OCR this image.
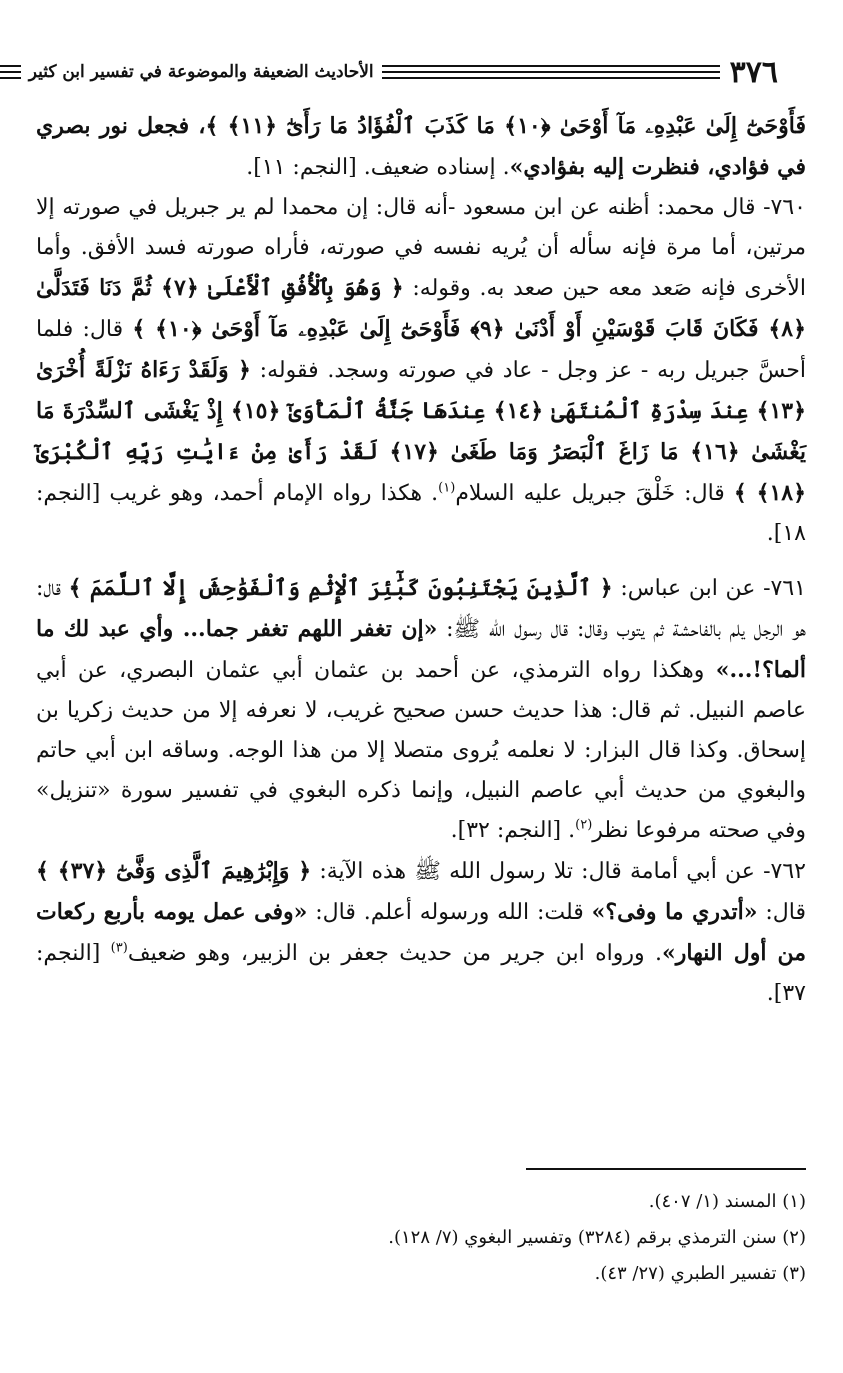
٣٧٦
الأحاديث الضعيفة والموضوعة في تفسير ابن كثير

فَأَوْحَىٰٓ إِلَىٰ عَبْدِهِۦ مَآ أَوْحَىٰ ﴿١٠﴾ مَا كَذَبَ ٱلْفُؤَادُ مَا رَأَىٰٓ ﴿١١﴾ ﴾، فجعل نور بصري في فؤادي، فنظرت إليه بفؤادي». إسناده ضعيف. [النجم: ١١].

٧٦٠- قال محمد: أظنه عن ابن مسعود -أنه قال: إن محمدا لم ير جبريل في صورته إلا مرتين، أما مرة فإنه سأله أن يُريه نفسه في صورته، فأراه صورته فسد الأفق. وأما الأخرى فإنه صَعد معه حين صعد به. وقوله: ﴿ وَهُوَ بِٱلْأُفُقِ ٱلْأَعْلَىٰ ﴿٧﴾ ثُمَّ دَنَا فَتَدَلَّىٰ ﴿٨﴾ فَكَانَ قَابَ قَوْسَيْنِ أَوْ أَدْنَىٰ ﴿٩﴾ فَأَوْحَىٰٓ إِلَىٰ عَبْدِهِۦ مَآ أَوْحَىٰ ﴿١٠﴾ ﴾ قال: فلما أحسَّ جبريل ربه - عز وجل - عاد في صورته وسجد. فقوله: ﴿ وَلَقَدْ رَءَاهُ نَزْلَةً أُخْرَىٰ ﴿١٣﴾ عِندَ سِدْرَةِ ٱلْمُنتَهَىٰ ﴿١٤﴾ عِندَهَا جَنَّةُ ٱلْمَأْوَىٰٓ ﴿١٥﴾ إِذْ يَغْشَى ٱلسِّدْرَةَ مَا يَغْشَىٰ ﴿١٦﴾ مَا زَاغَ ٱلْبَصَرُ وَمَا طَغَىٰ ﴿١٧﴾ لَقَدْ رَأَىٰ مِنْ ءَايَٰتِ رَبِّهِ ٱلْكُبْرَىٰٓ ﴿١٨﴾ ﴾ قال: خَلْقَ جبريل عليه السلام$^{(١)}$. هكذا رواه الإمام أحمد، وهو غريب [النجم: ١٨].

٧٦١- عن ابن عباس: ﴿ ٱلَّذِينَ يَجْتَنِبُونَ كَبَٰٓئِرَ ٱلْإِثْمِ وَٱلْفَوَٰحِشَ إِلَّا ٱللَّمَمَ ﴾ قال: هو الرجل يلم بالفاحشة ثم يتوب وقال: قال رسول الله ﷺ: «إن تغفر اللهم تغفر جما... وأي عبد لك ما ألما؟!...» وهكذا رواه الترمذي، عن أحمد بن عثمان أبي عثمان البصري، عن أبي عاصم النبيل. ثم قال: هذا حديث حسن صحيح غريب، لا نعرفه إلا من حديث زكريا بن إسحاق. وكذا قال البزار: لا نعلمه يُروى متصلا إلا من هذا الوجه. وساقه ابن أبي حاتم والبغوي من حديث أبي عاصم النبيل، وإنما ذكره البغوي في تفسير سورة «تنزيل» وفي صحته مرفوعا نظر$^{(٢)}$. [النجم: ٣٢].

٧٦٢- عن أبي أمامة قال: تلا رسول الله ﷺ هذه الآية: ﴿ وَإِبْرَٰهِيمَ ٱلَّذِى وَفَّىٰٓ ﴿٣٧﴾ ﴾ قال: «أتدري ما وفى؟» قلت: الله ورسوله أعلم. قال: «وفى عمل يومه بأربع ركعات من أول النهار». ورواه ابن جرير من حديث جعفر بن الزبير، وهو ضعيف$^{(٣)}$ [النجم: ٣٧].

(١) المسند (١/ ٤٠٧).
(٢) سنن الترمذي برقم (٣٢٨٤) وتفسير البغوي (٧/ ١٢٨).
(٣) تفسير الطبري (٢٧/ ٤٣).
